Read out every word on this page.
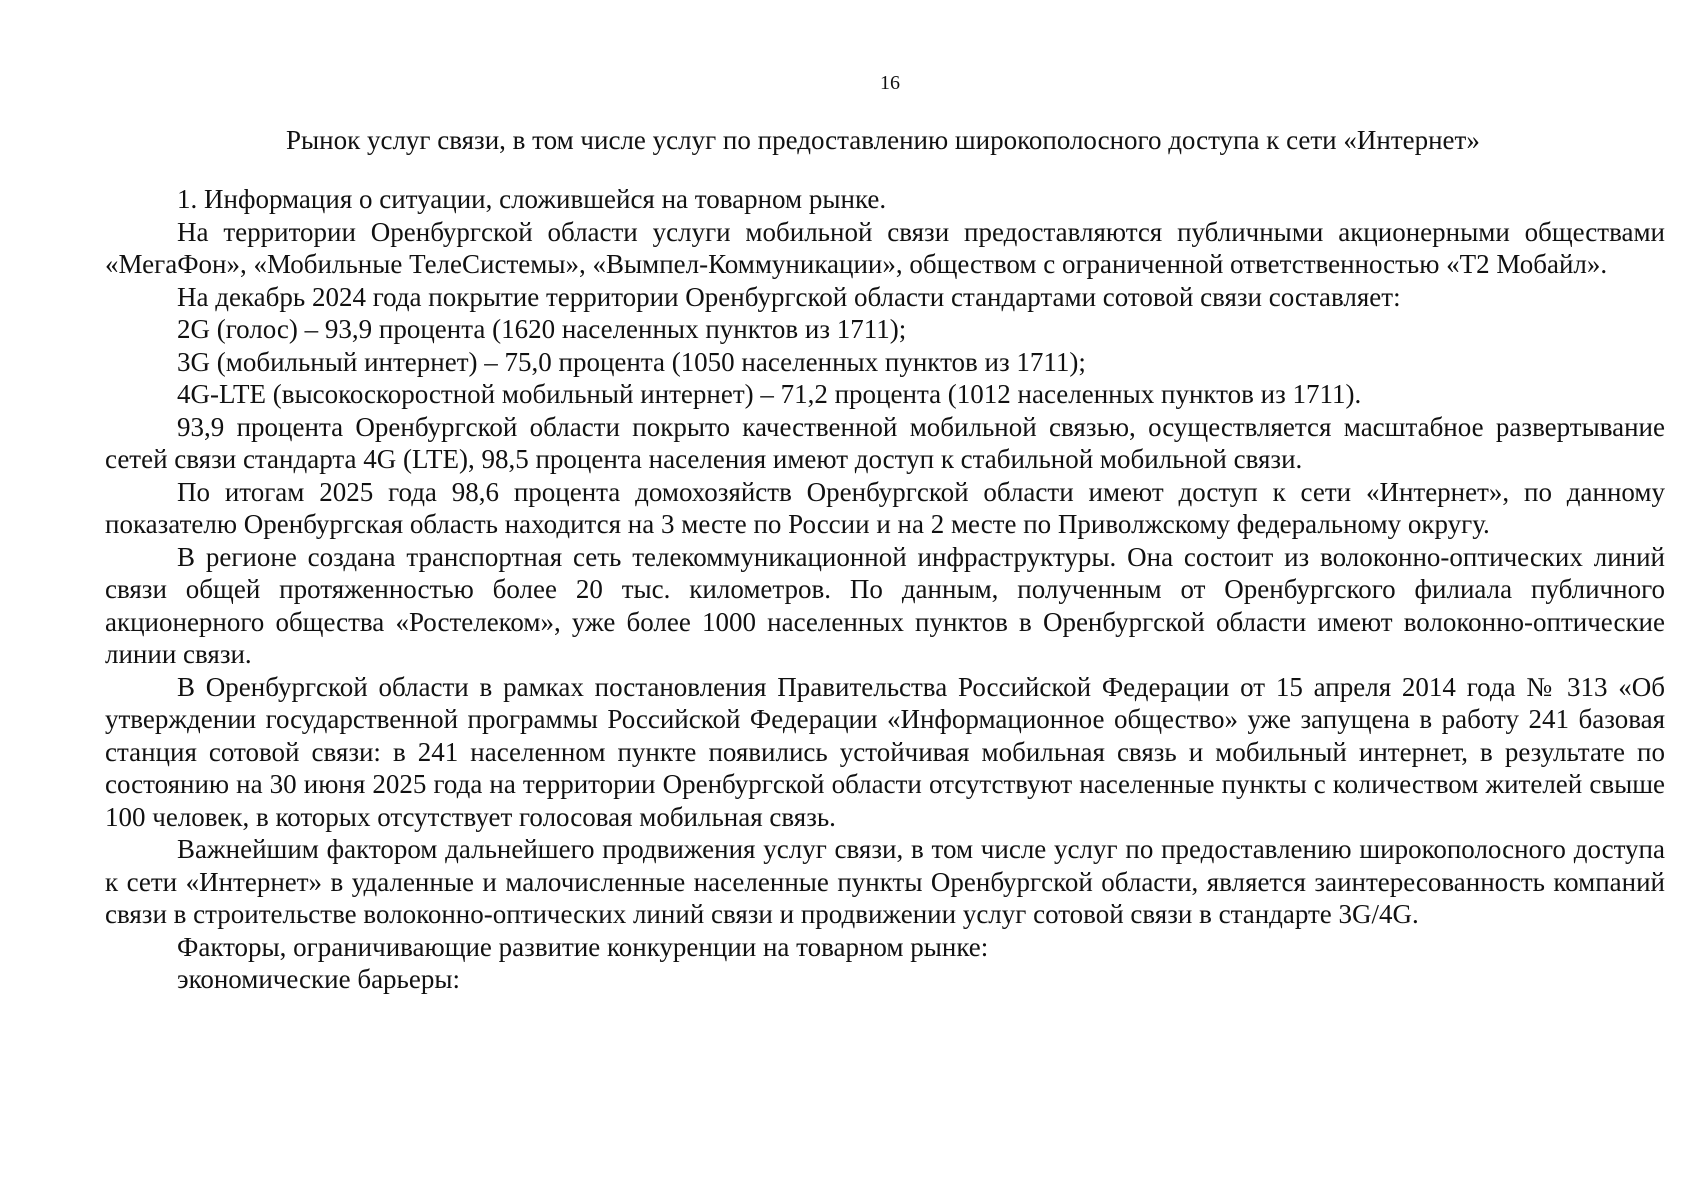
16
Рынок услуг связи, в том числе услуг по предоставлению широкополосного доступа к сети «Интернет»

1. Информация о ситуации, сложившейся на товарном рынке.

На территории Оренбургской области услуги мобильной связи предоставляются публичными акционерными обществами «МегаФон», «Мобильные ТелеСистемы», «Вымпел-Коммуникации», обществом с ограниченной ответственностью «Т2 Мобайл».

На декабрь 2024 года покрытие территории Оренбургской области стандартами сотовой связи составляет:

2G (голос) – 93,9 процента (1620 населенных пунктов из 1711);

3G (мобильный интернет) – 75,0 процента (1050 населенных пунктов из 1711);

4G-LTE (высокоскоростной мобильный интернет) – 71,2 процента (1012 населенных пунктов из 1711).

93,9 процента Оренбургской области покрыто качественной мобильной связью, осуществляется масштабное развертывание сетей связи стандарта 4G (LTE), 98,5 процента населения имеют доступ к стабильной мобильной связи.

По итогам 2025 года 98,6 процента домохозяйств Оренбургской области имеют доступ к сети «Интернет», по данному показателю Оренбургская область находится на 3 месте по России и на 2 месте по Приволжскому федеральному округу.

В регионе создана транспортная сеть телекоммуникационной инфраструктуры. Она состоит из волоконно-оптических линий связи общей протяженностью более 20 тыс. километров. По данным, полученным от Оренбургского филиала публичного акционерного общества «Ростелеком», уже более 1000 населенных пунктов в Оренбургской области имеют волоконно-оптические линии связи.

В Оренбургской области в рамках постановления Правительства Российской Федерации от 15 апреля 2014 года № 313 «Об утверждении государственной программы Российской Федерации «Информационное общество» уже запущена в работу 241 базовая станция сотовой связи: в 241 населенном пункте появились устойчивая мобильная связь и мобильный интернет, в результате по состоянию на 30 июня 2025 года на территории Оренбургской области отсутствуют населенные пункты с количеством жителей свыше 100 человек, в которых отсутствует голосовая мобильная связь.

Важнейшим фактором дальнейшего продвижения услуг связи, в том числе услуг по предоставлению широкополосного доступа к сети «Интернет» в удаленные и малочисленные населенные пункты Оренбургской области, является заинтересованность компаний связи в строительстве волоконно-оптических линий связи и продвижении услуг сотовой связи в стандарте 3G/4G.

Факторы, ограничивающие развитие конкуренции на товарном рынке:

экономические барьеры:
